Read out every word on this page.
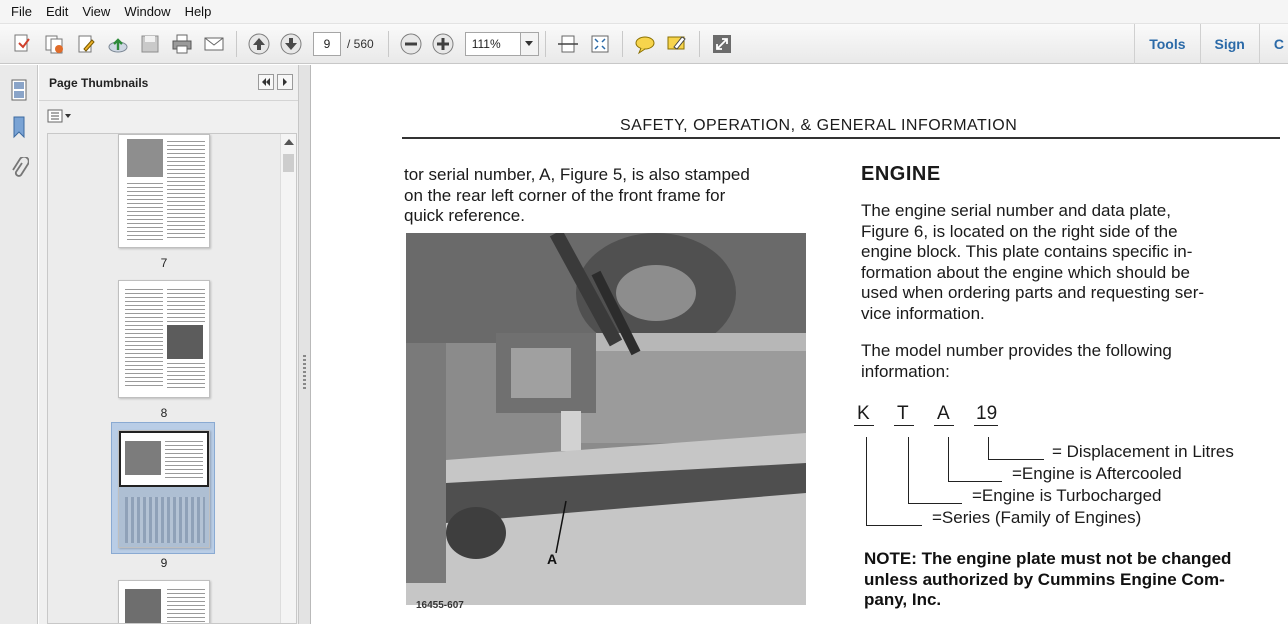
File	Edit	View	Window	Help
9	/ 560	111%	Tools	Sign	C
Page Thumbnails
7
8
9
SAFETY, OPERATION, & GENERAL INFORMATION
tor serial number, A, Figure 5, is also stamped
on the rear left corner of the front frame for
quick reference.
A
16455-607
ENGINE
The engine serial number and data plate,
Figure 6, is located on the right side of the
engine block. This plate contains specific in-
formation about the engine which should be
used when ordering parts and requesting ser-
vice information.
The model number provides the following
information:
K T A 19
= Displacement in Litres
=Engine is Aftercooled
=Engine is Turbocharged
=Series (Family of Engines)
NOTE: The engine plate must not be changed
unless authorized by Cummins Engine Com-
pany, Inc.
